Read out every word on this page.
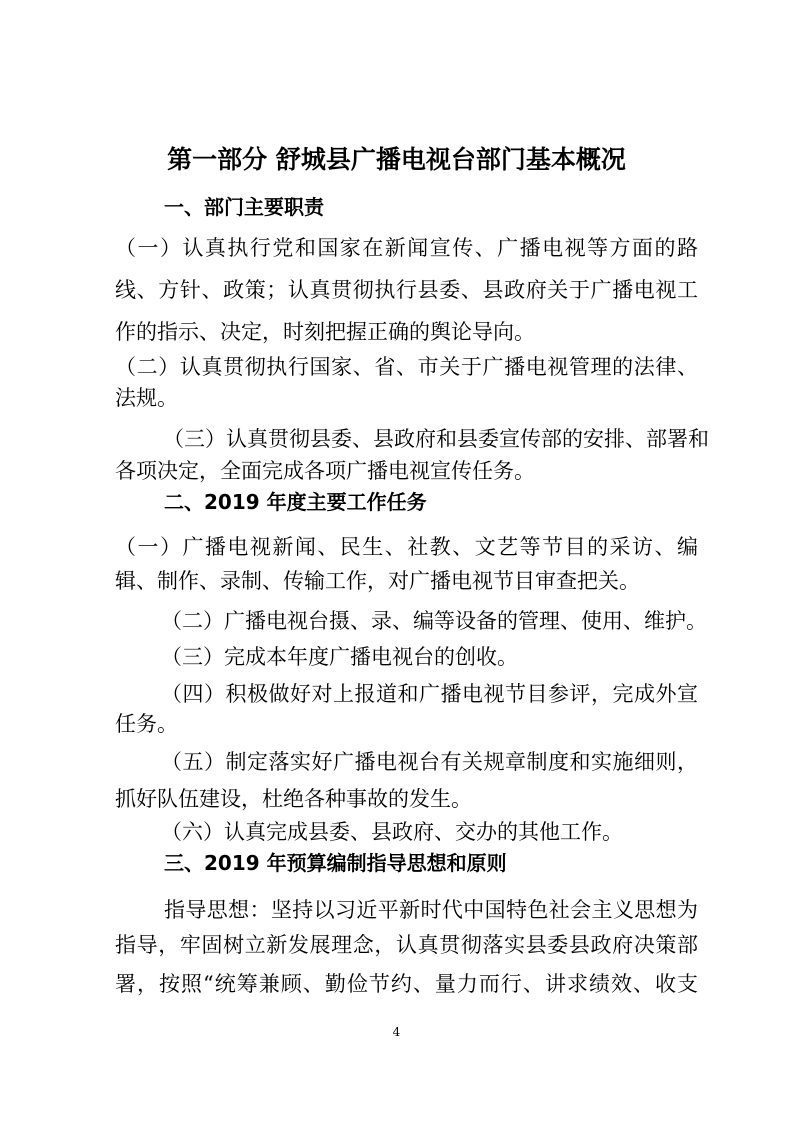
第一部分 舒城县广播电视台部门基本概况
一、部门主要职责

（一）认真执行党和国家在新闻宣传、广播电视等方面的路

线、方针、政策；认真贯彻执行县委、县政府关于广播电视工

作的指示、决定，时刻把握正确的舆论导向。

（二）认真贯彻执行国家、省、市关于广播电视管理的法律、

法规。

（三）认真贯彻县委、县政府和县委宣传部的安排、部署和

各项决定，全面完成各项广播电视宣传任务。

二、2019 年度主要工作任务

（一）广播电视新闻、民生、社教、文艺等节目的采访、编

辑、制作、录制、传输工作，对广播电视节目审查把关。

（二）广播电视台摄、录、编等设备的管理、使用、维护。

（三）完成本年度广播电视台的创收。

（四）积极做好对上报道和广播电视节目参评，完成外宣

任务。

（五）制定落实好广播电视台有关规章制度和实施细则，

抓好队伍建设，杜绝各种事故的发生。

（六）认真完成县委、县政府、交办的其他工作。

三、2019 年预算编制指导思想和原则

指导思想：坚持以习近平新时代中国特色社会主义思想为

指导，牢固树立新发展理念，认真贯彻落实县委县政府决策部

署，按照“统筹兼顾、勤俭节约、量力而行、讲求绩效、收支

4
